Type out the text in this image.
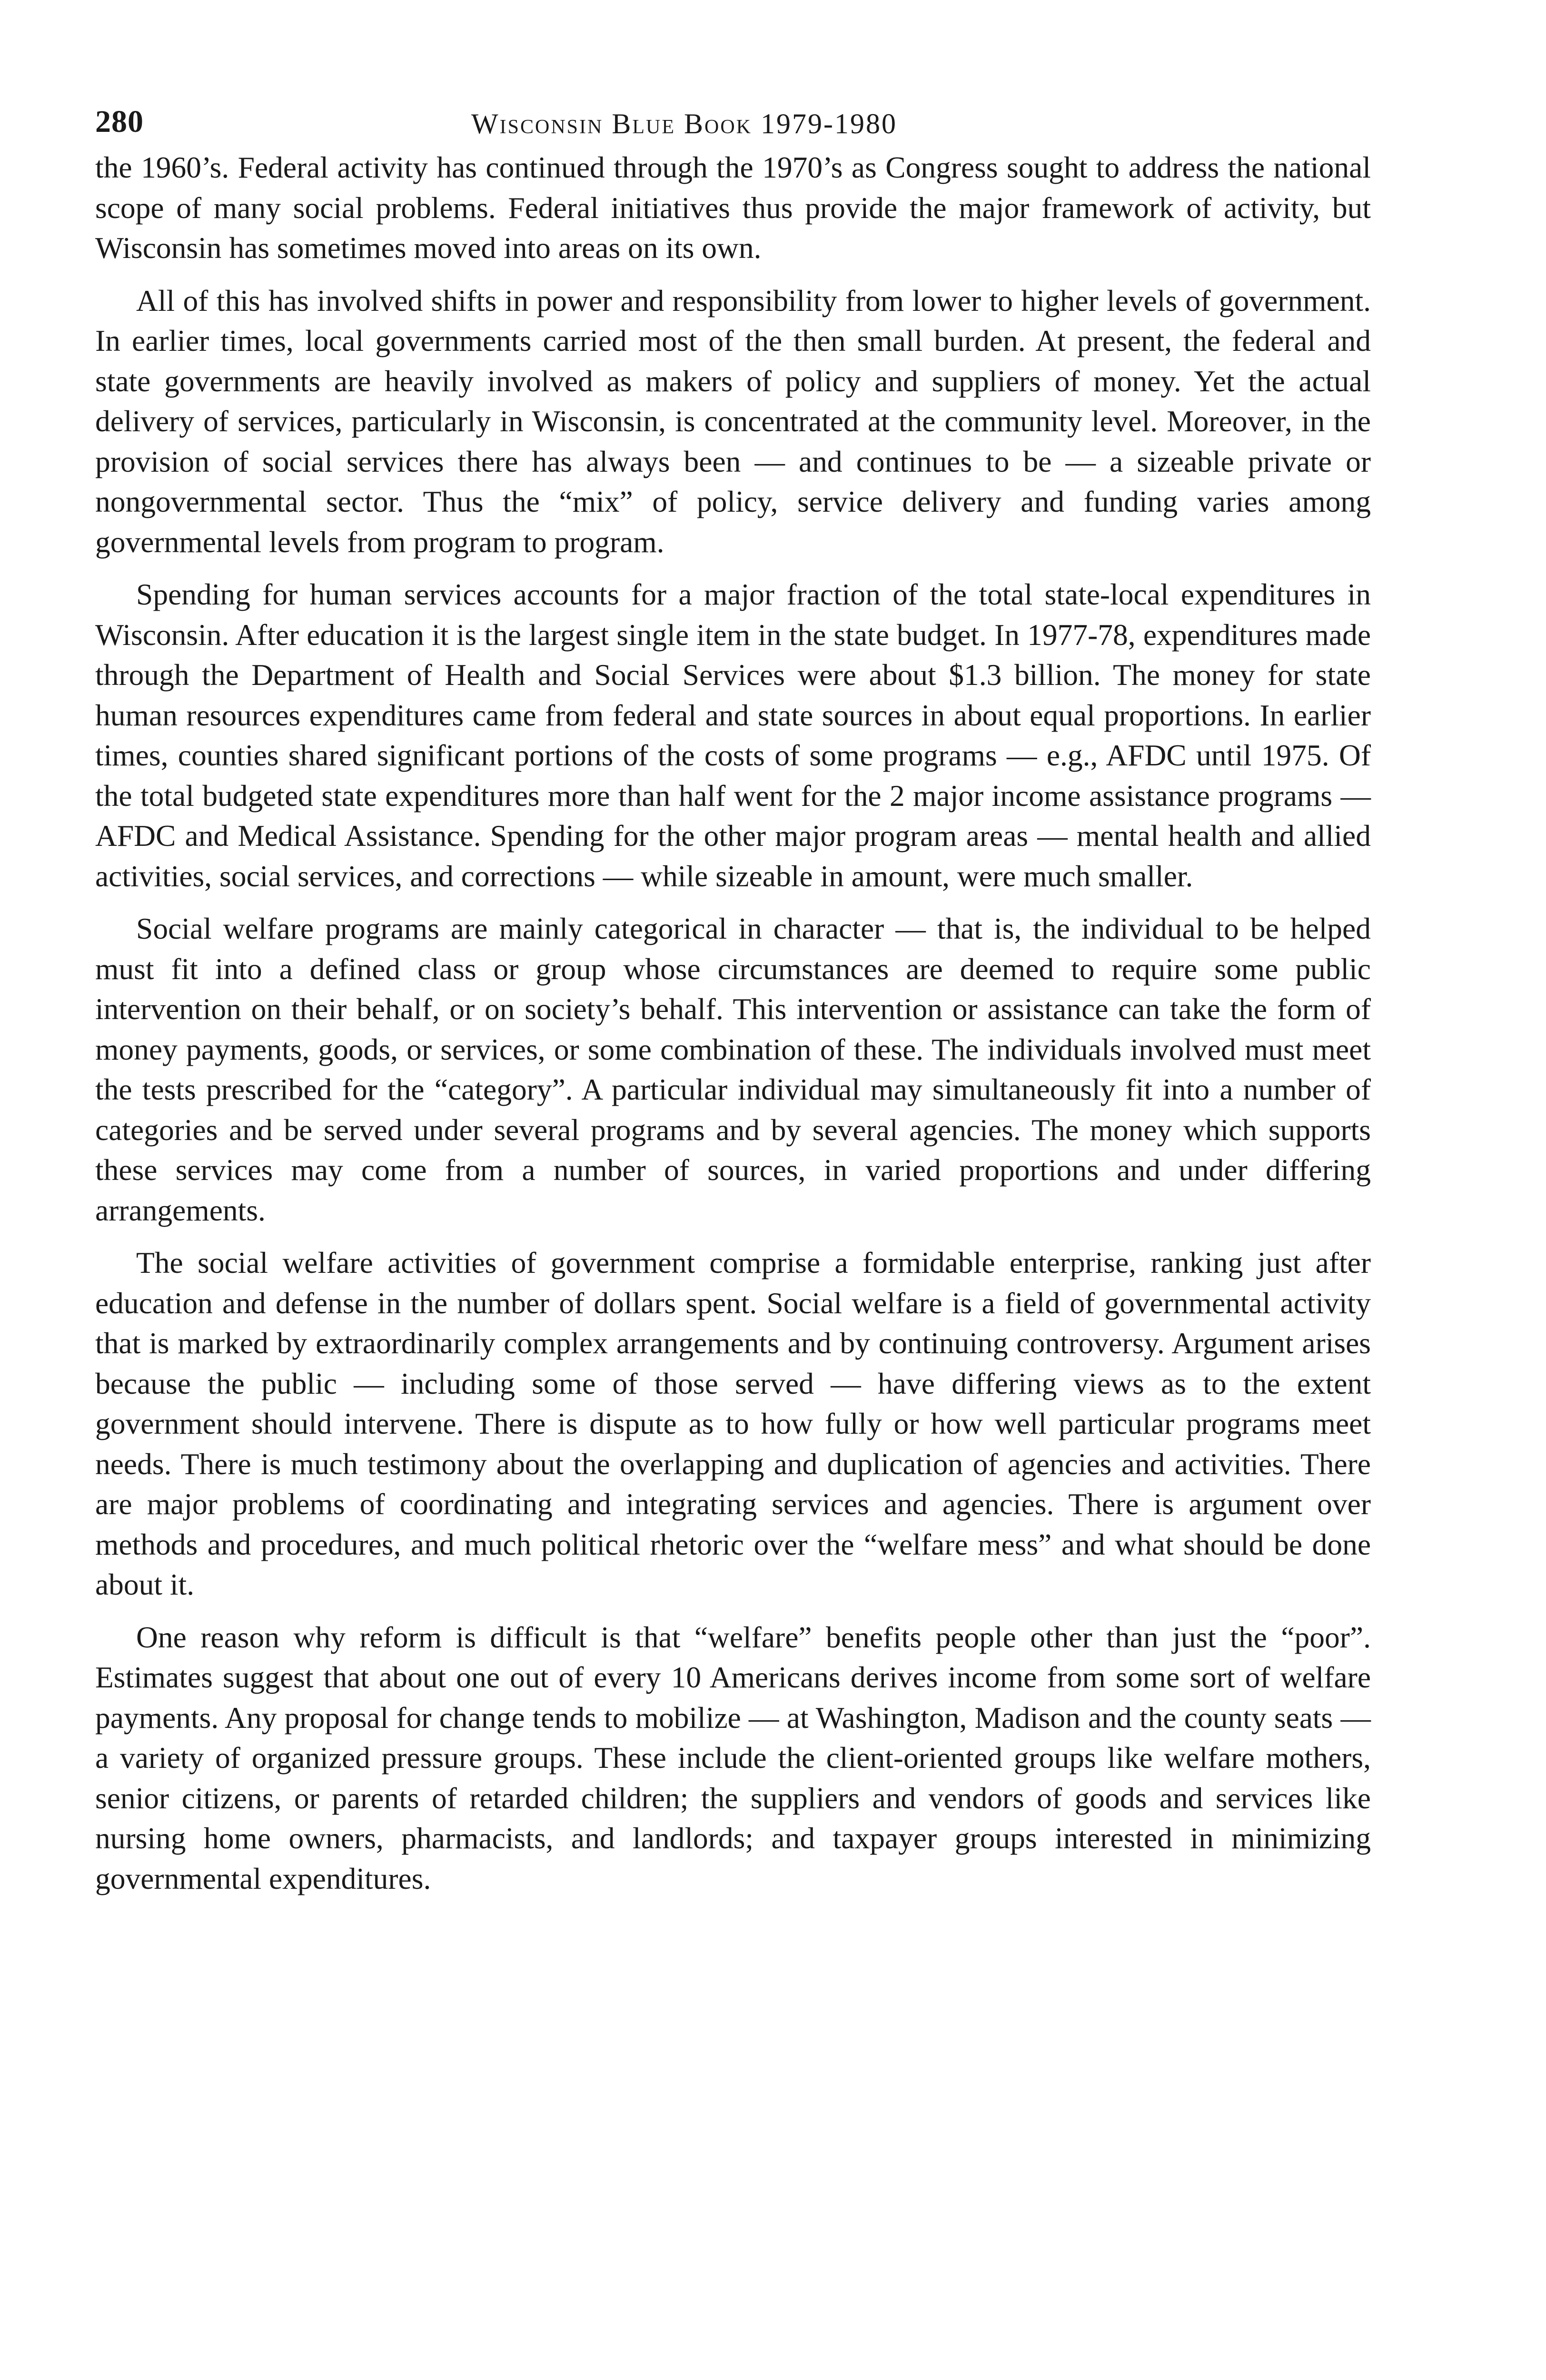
280	Wisconsin Blue Book 1979-1980

the 1960’s. Federal activity has continued through the 1970’s as Congress sought to address the national scope of many social problems. Federal initiatives thus provide the major framework of activity, but Wisconsin has sometimes moved into areas on its own.

All of this has involved shifts in power and responsibility from lower to higher levels of government. In earlier times, local governments carried most of the then small burden. At present, the federal and state governments are heavily involved as makers of policy and suppliers of money. Yet the actual delivery of services, particularly in Wisconsin, is concentrated at the community level. Moreover, in the provision of social services there has always been — and continues to be — a sizeable private or nongovernmental sector. Thus the “mix” of policy, service delivery and funding varies among governmental levels from program to program.

Spending for human services accounts for a major fraction of the total state-local expenditures in Wisconsin. After education it is the largest single item in the state budget. In 1977-78, expenditures made through the Department of Health and Social Services were about $1.3 billion. The money for state human resources expenditures came from federal and state sources in about equal proportions. In earlier times, counties shared significant portions of the costs of some programs — e.g., AFDC until 1975. Of the total budgeted state expenditures more than half went for the 2 major income assistance programs — AFDC and Medical Assistance. Spending for the other major program areas — mental health and allied activities, social services, and corrections — while sizeable in amount, were much smaller.

Social welfare programs are mainly categorical in character — that is, the individual to be helped must fit into a defined class or group whose circumstances are deemed to require some public intervention on their behalf, or on society’s behalf. This intervention or assistance can take the form of money payments, goods, or services, or some combination of these. The individuals involved must meet the tests prescribed for the “category”. A particular individual may simultaneously fit into a number of categories and be served under several programs and by several agencies. The money which supports these services may come from a number of sources, in varied proportions and under differing arrangements.

The social welfare activities of government comprise a formidable enterprise, ranking just after education and defense in the number of dollars spent. Social welfare is a field of governmental activity that is marked by extraordinarily complex arrangements and by continuing controversy. Argument arises because the public — including some of those served — have differing views as to the extent government should intervene. There is dispute as to how fully or how well particular programs meet needs. There is much testimony about the overlapping and duplication of agencies and activities. There are major problems of coordinating and integrating services and agencies. There is argument over methods and procedures, and much political rhetoric over the “welfare mess” and what should be done about it.

One reason why reform is difficult is that “welfare” benefits people other than just the “poor”. Estimates suggest that about one out of every 10 Americans derives income from some sort of welfare payments. Any proposal for change tends to mobilize — at Washington, Madison and the county seats — a variety of organized pressure groups. These include the client-oriented groups like welfare mothers, senior citizens, or parents of retarded children; the suppliers and vendors of goods and services like nursing home owners, pharmacists, and landlords; and taxpayer groups interested in minimizing governmental expenditures.
